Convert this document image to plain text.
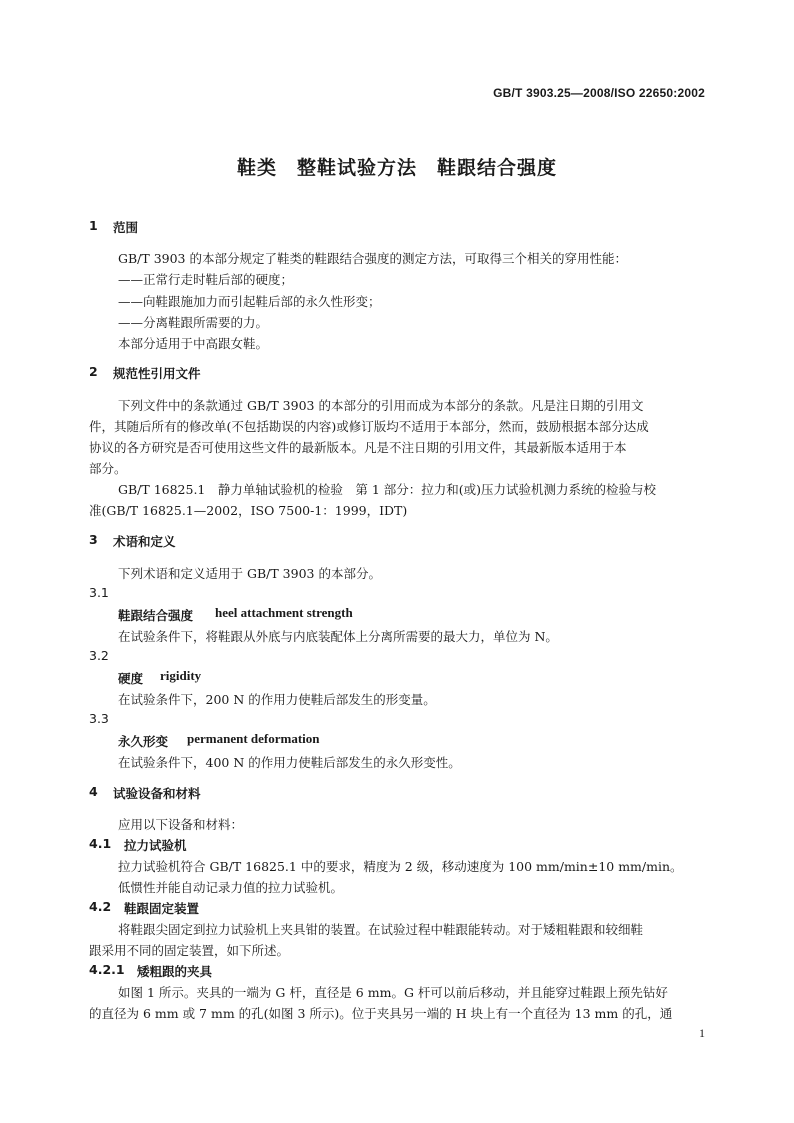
GB/T 3903.25—2008/ISO 22650:2002
鞋类　整鞋试验方法　鞋跟结合强度
1 范围
GB/T 3903 的本部分规定了鞋类的鞋跟结合强度的测定方法，可取得三个相关的穿用性能：
——正常行走时鞋后部的硬度；
——向鞋跟施加力而引起鞋后部的永久性形变；
——分离鞋跟所需要的力。
本部分适用于中高跟女鞋。
2 规范性引用文件
下列文件中的条款通过 GB/T 3903 的本部分的引用而成为本部分的条款。凡是注日期的引用文
件，其随后所有的修改单(不包括勘误的内容)或修订版均不适用于本部分，然而，鼓励根据本部分达成
协议的各方研究是否可使用这些文件的最新版本。凡是不注日期的引用文件，其最新版本适用于本
部分。
GB/T 16825.1　静力单轴试验机的检验　第 1 部分：拉力和(或)压力试验机测力系统的检验与校
准(GB/T 16825.1—2002，ISO 7500-1：1999，IDT)
3 术语和定义
下列术语和定义适用于 GB/T 3903 的本部分。
3.1
鞋跟结合强度 heel attachment strength
在试验条件下，将鞋跟从外底与内底装配体上分离所需要的最大力，单位为 N。
3.2
硬度 rigidity
在试验条件下，200 N 的作用力使鞋后部发生的形变量。
3.3
永久形变 permanent deformation
在试验条件下，400 N 的作用力使鞋后部发生的永久形变性。
4 试验设备和材料
应用以下设备和材料：
4.1 拉力试验机
拉力试验机符合 GB/T 16825.1 中的要求，精度为 2 级，移动速度为 100 mm/min±10 mm/min。
低惯性并能自动记录力值的拉力试验机。
4.2 鞋跟固定装置
将鞋跟尖固定到拉力试验机上夹具钳的装置。在试验过程中鞋跟能转动。对于矮粗鞋跟和较细鞋
跟采用不同的固定装置，如下所述。
4.2.1 矮粗跟的夹具
如图 1 所示。夹具的一端为 G 杆，直径是 6 mm。G 杆可以前后移动，并且能穿过鞋跟上预先钻好
的直径为 6 mm 或 7 mm 的孔(如图 3 所示)。位于夹具另一端的 H 块上有一个直径为 13 mm 的孔，通
1
